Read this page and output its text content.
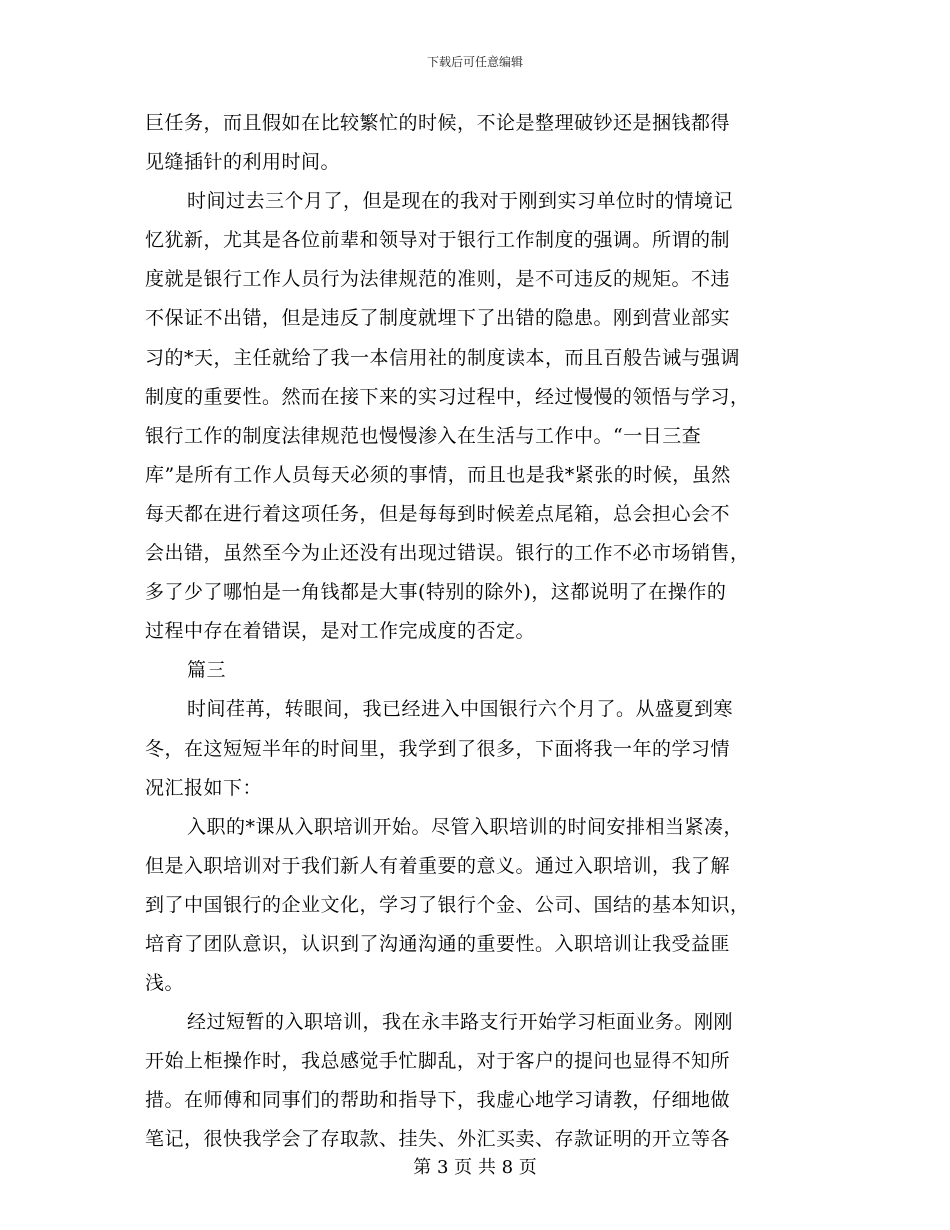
下载后可任意编辑
巨任务，而且假如在比较繁忙的时候，不论是整理破钞还是捆钱都得
见缝插针的利用时间。
时间过去三个月了，但是现在的我对于刚到实习单位时的情境记
忆犹新，尤其是各位前辈和领导对于银行工作制度的强调。所谓的制
度就是银行工作人员行为法律规范的准则，是不可违反的规矩。不违
不保证不出错，但是违反了制度就埋下了出错的隐患。刚到营业部实
习的*天，主任就给了我一本信用社的制度读本，而且百般告诫与强调
制度的重要性。然而在接下来的实习过程中，经过慢慢的领悟与学习，
银行工作的制度法律规范也慢慢渗入在生活与工作中。“一日三查
库”是所有工作人员每天必须的事情，而且也是我*紧张的时候，虽然
每天都在进行着这项任务，但是每每到时候差点尾箱，总会担心会不
会出错，虽然至今为止还没有出现过错误。银行的工作不必市场销售，
多了少了哪怕是一角钱都是大事(特别的除外)，这都说明了在操作的
过程中存在着错误，是对工作完成度的否定。
篇三
时间荏苒，转眼间，我已经进入中国银行六个月了。从盛夏到寒
冬，在这短短半年的时间里，我学到了很多，下面将我一年的学习情
况汇报如下：
入职的*课从入职培训开始。尽管入职培训的时间安排相当紧凑，
但是入职培训对于我们新人有着重要的意义。通过入职培训，我了解
到了中国银行的企业文化，学习了银行个金、公司、国结的基本知识，
培育了团队意识，认识到了沟通沟通的重要性。入职培训让我受益匪
浅。
经过短暂的入职培训，我在永丰路支行开始学习柜面业务。刚刚
开始上柜操作时，我总感觉手忙脚乱，对于客户的提问也显得不知所
措。在师傅和同事们的帮助和指导下，我虚心地学习请教，仔细地做
笔记，很快我学会了存取款、挂失、外汇买卖、存款证明的开立等各
第 3 页 共 8 页
